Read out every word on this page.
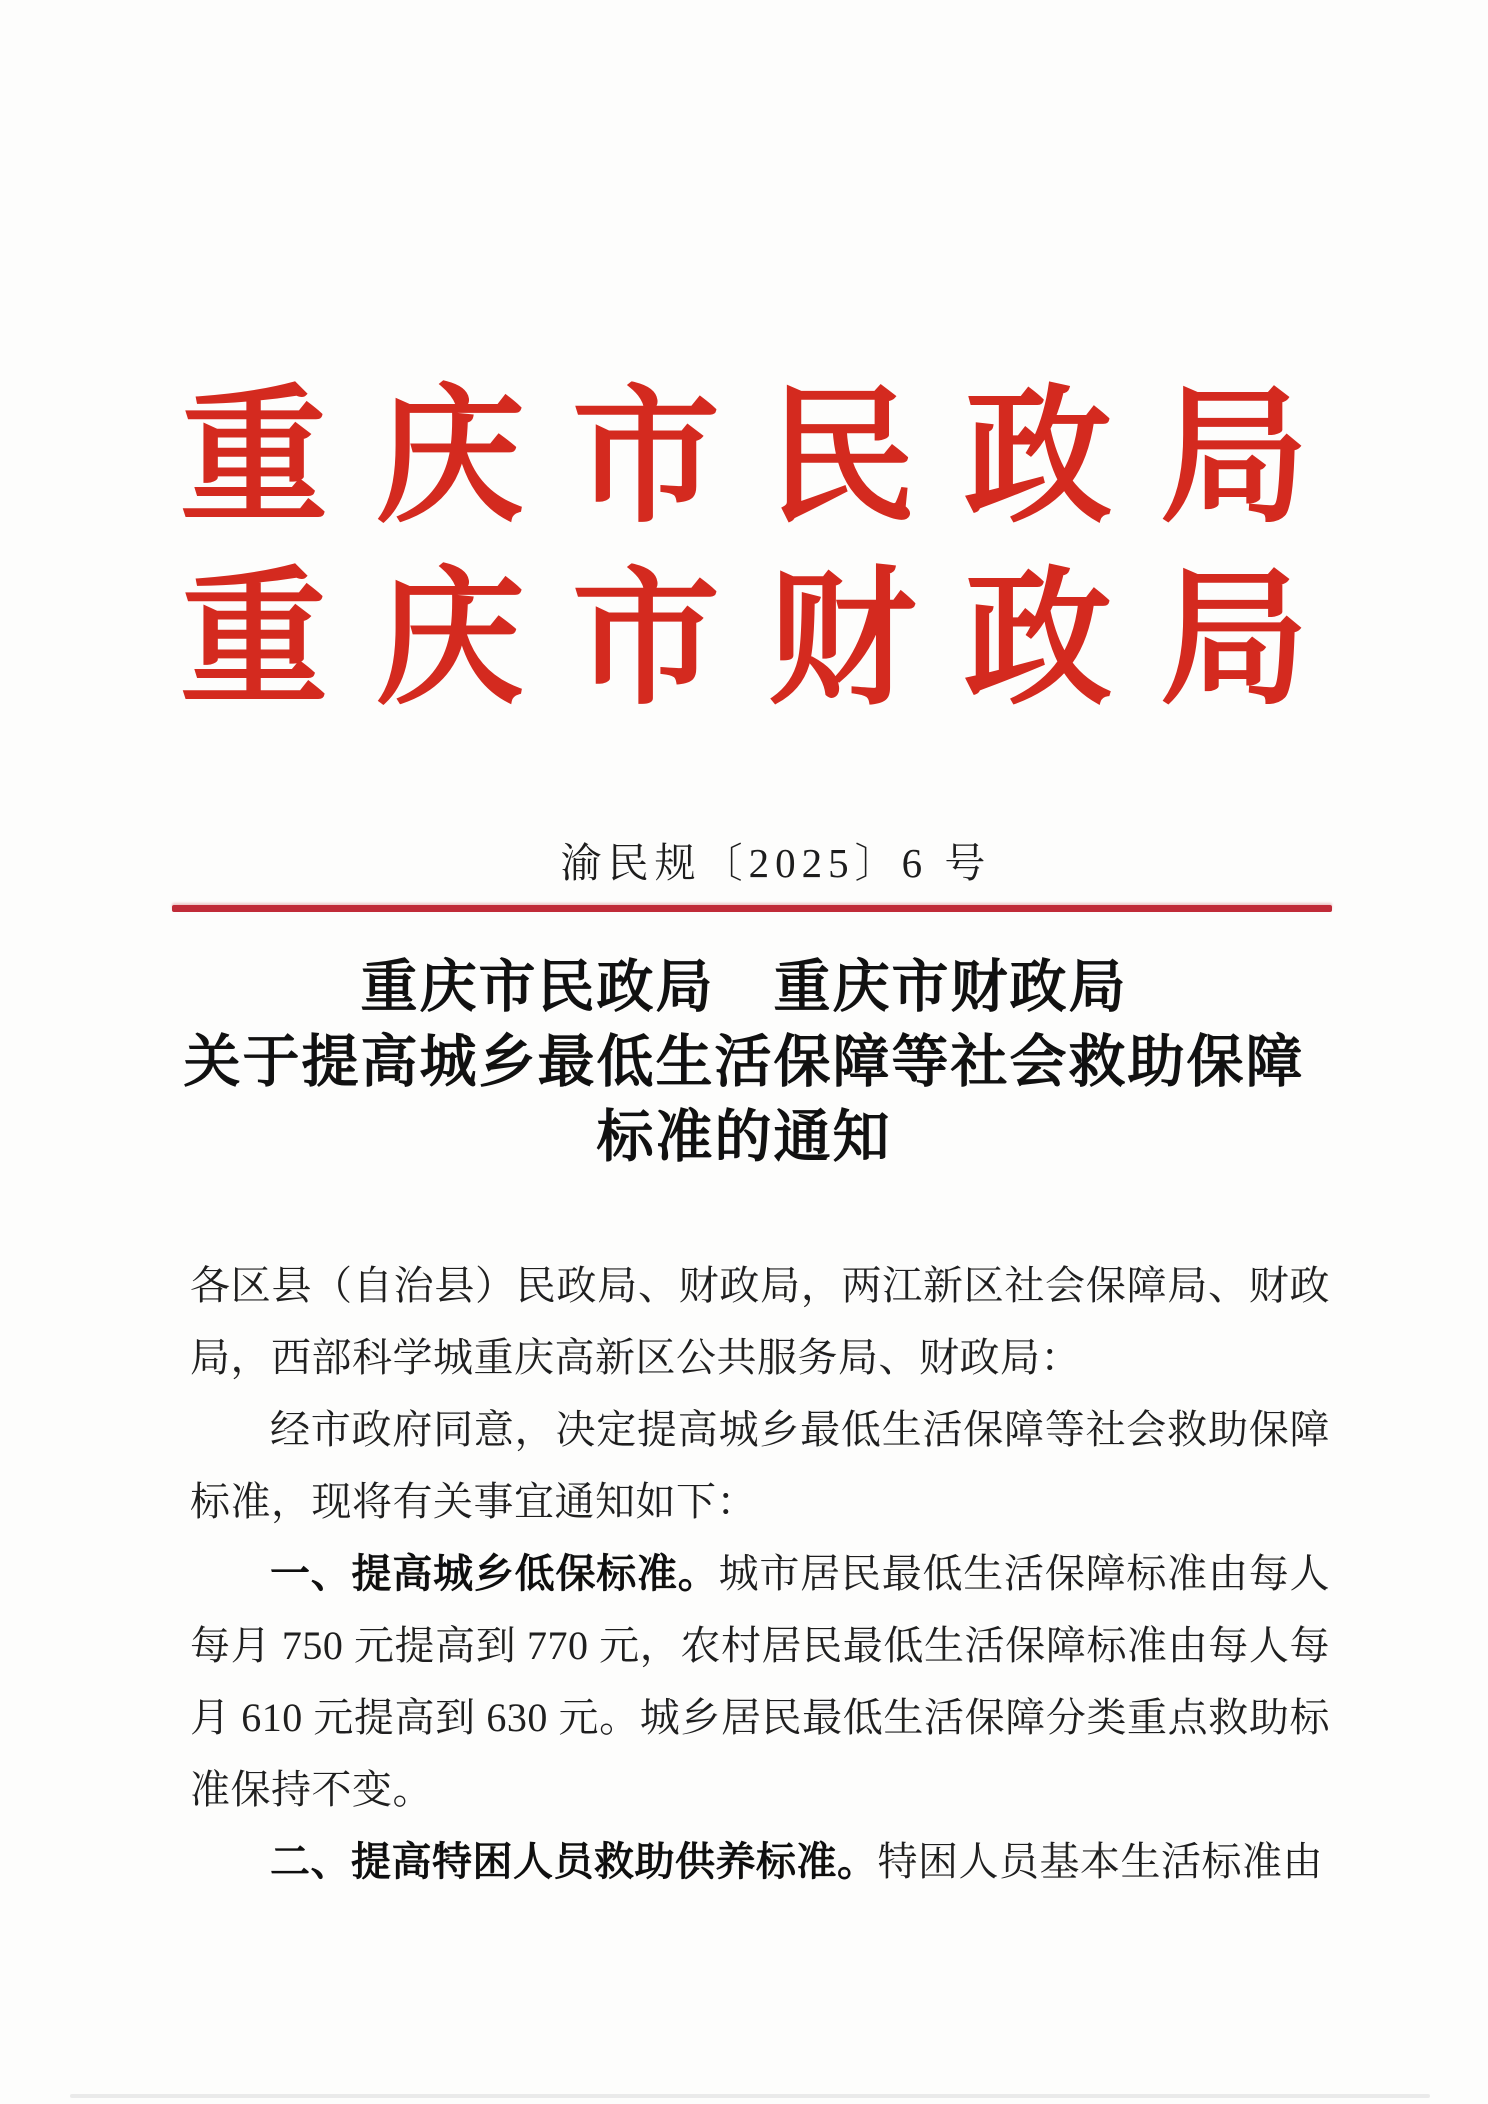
重庆市民政局
重庆市财政局
渝民规〔2025〕6 号
重庆市民政局　重庆市财政局
关于提高城乡最低生活保障等社会救助保障
标准的通知

各区县（自治县）民政局、财政局，两江新区社会保障局、财政局，西部科学城重庆高新区公共服务局、财政局：

经市政府同意，决定提高城乡最低生活保障等社会救助保障标准，现将有关事宜通知如下：

一、提高城乡低保标准。城市居民最低生活保障标准由每人每月 750 元提高到 770 元，农村居民最低生活保障标准由每人每月 610 元提高到 630 元。城乡居民最低生活保障分类重点救助标准保持不变。

二、提高特困人员救助供养标准。特困人员基本生活标准由
